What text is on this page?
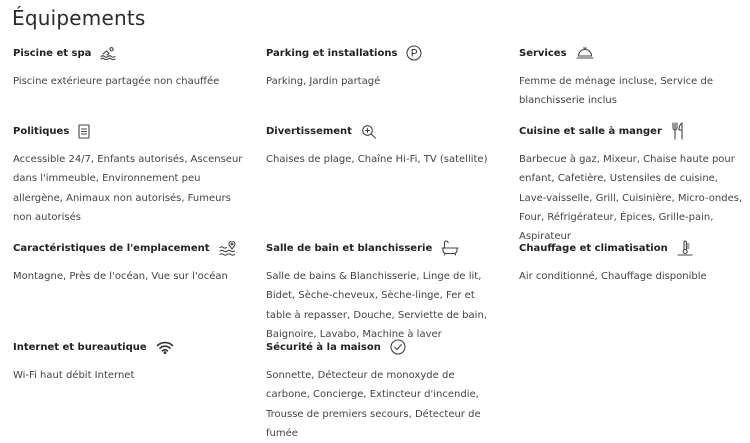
Équipements
Piscine et spa
Piscine extérieure partagée non chauffée
Parking et installations
Parking, Jardin partagé
Services
Femme de ménage incluse, Service de blanchisserie inclus
Politiques
Accessible 24/7, Enfants autorisés, Ascenseur dans l'immeuble, Environnement peu allergène, Animaux non autorisés, Fumeurs non autorisés
Divertissement
Chaises de plage, Chaîne Hi-Fi, TV (satellite)
Cuisine et salle à manger
Barbecue à gaz, Mixeur, Chaise haute pour enfant, Cafetière, Ustensiles de cuisine, Lave-vaisselle, Grill, Cuisinière, Micro-ondes, Four, Réfrigérateur, Épices, Grille-pain, Aspirateur
Caractéristiques de l'emplacement
Montagne, Près de l'océan, Vue sur l'océan
Salle de bain et blanchisserie
Salle de bains & Blanchisserie, Linge de lit, Bidet, Sèche-cheveux, Sèche-linge, Fer et table à repasser, Douche, Serviette de bain, Baignoire, Lavabo, Machine à laver
Chauffage et climatisation
Air conditionné, Chauffage disponible
Internet et bureautique
Wi-Fi haut débit Internet
Sécurité à la maison
Sonnette, Détecteur de monoxyde de carbone, Concierge, Extincteur d'incendie, Trousse de premiers secours, Détecteur de fumée
